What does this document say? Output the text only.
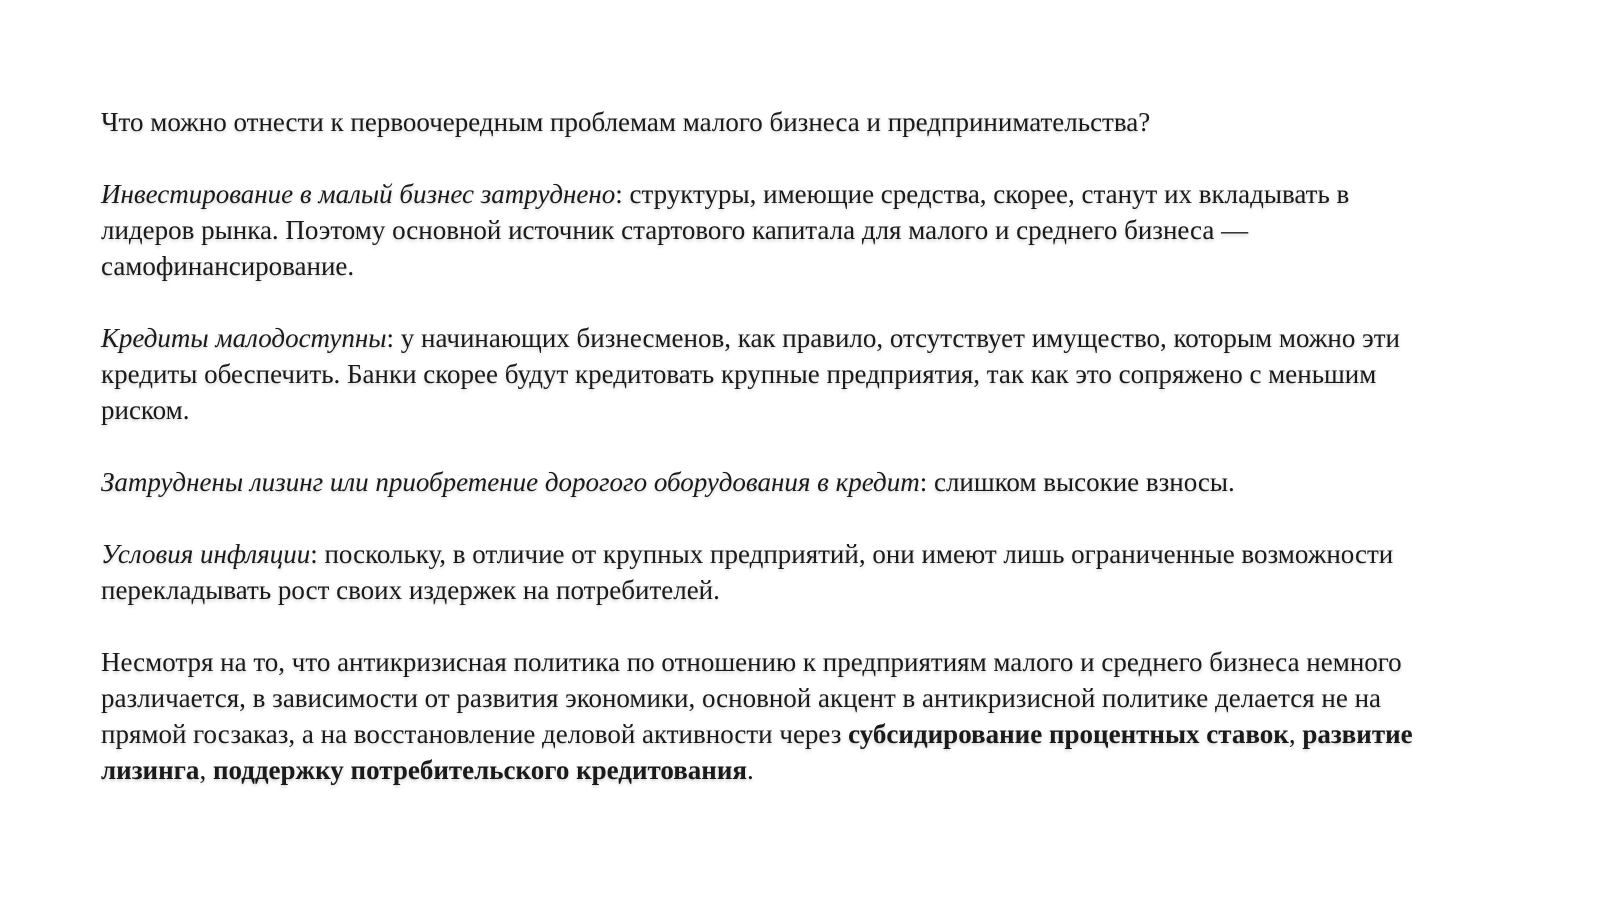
Что можно отнести к первоочередным проблемам малого бизнеса и предпринимательства?

Инвестирование в малый бизнес затруднено: структуры, имеющие средства, скорее, станут их вкладывать в лидеров рынка. Поэтому основной источник стартового капитала для малого и среднего бизнеса — самофинансирование.

Кредиты малодоступны: у начинающих бизнесменов, как правило, отсутствует имущество, которым можно эти кредиты обеспечить. Банки скорее будут кредитовать крупные предприятия, так как это сопряжено с меньшим риском.

Затруднены лизинг или приобретение дорогого оборудования в кредит: слишком высокие взносы.

Условия инфляции: поскольку, в отличие от крупных предприятий, они имеют лишь ограниченные возможности перекладывать рост своих издержек на потребителей.

Несмотря на то, что антикризисная политика по отношению к предприятиям малого и среднего бизнеса немного различается, в зависимости от развития экономики, основной акцент в антикризисной политике делается не на прямой госзаказ, а на восстановление деловой активности через субсидирование процентных ставок, развитие лизинга, поддержку потребительского кредитования.
